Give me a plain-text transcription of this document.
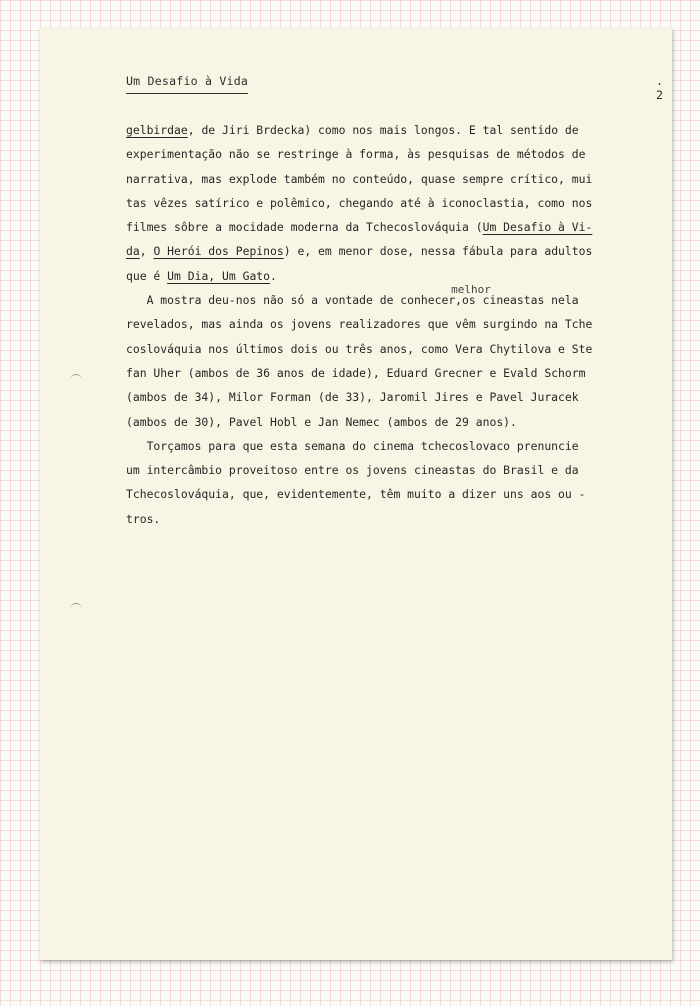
Um Desafio à Vida	. 2
gelbirdae, de Jiri Brdecka) como nos mais longos. E tal sentido de
experimentação não se restringe à forma, às pesquisas de métodos de
narrativa, mas explode também no conteúdo, quase sempre crítico, mui
tas vêzes satírico e polêmico, chegando até à iconoclastia, como nos
filmes sôbre a mocidade moderna da Tchecoslováquia (Um Desafio à Vi-
da, O Herói dos Pepinos) e, em menor dose, nessa fábula para adultos
que é Um Dia, Um Gato.
A mostra deu-nos não só a vontade de conhecer
melhor
,os cineastas nela
revelados, mas ainda os jovens realizadores que vêm surgindo na Tche
coslováquia nos últimos dois ou três anos, como Vera Chytilova e Ste
fan Uher (ambos de 36 anos de idade), Eduard Grecner e Evald Schorm
(ambos de 34), Milor Forman (de 33), Jaromil Jires e Pavel Juracek
(ambos de 30), Pavel Hobl e Jan Nemec (ambos de 29 anos).
Torçamos para que esta semana do cinema tchecoslovaco prenuncie
um intercâmbio proveitoso entre os jovens cineastas do Brasil e da
Tchecoslováquia, que, evidentemente, têm muito a dizer uns aos ou -
tros.
